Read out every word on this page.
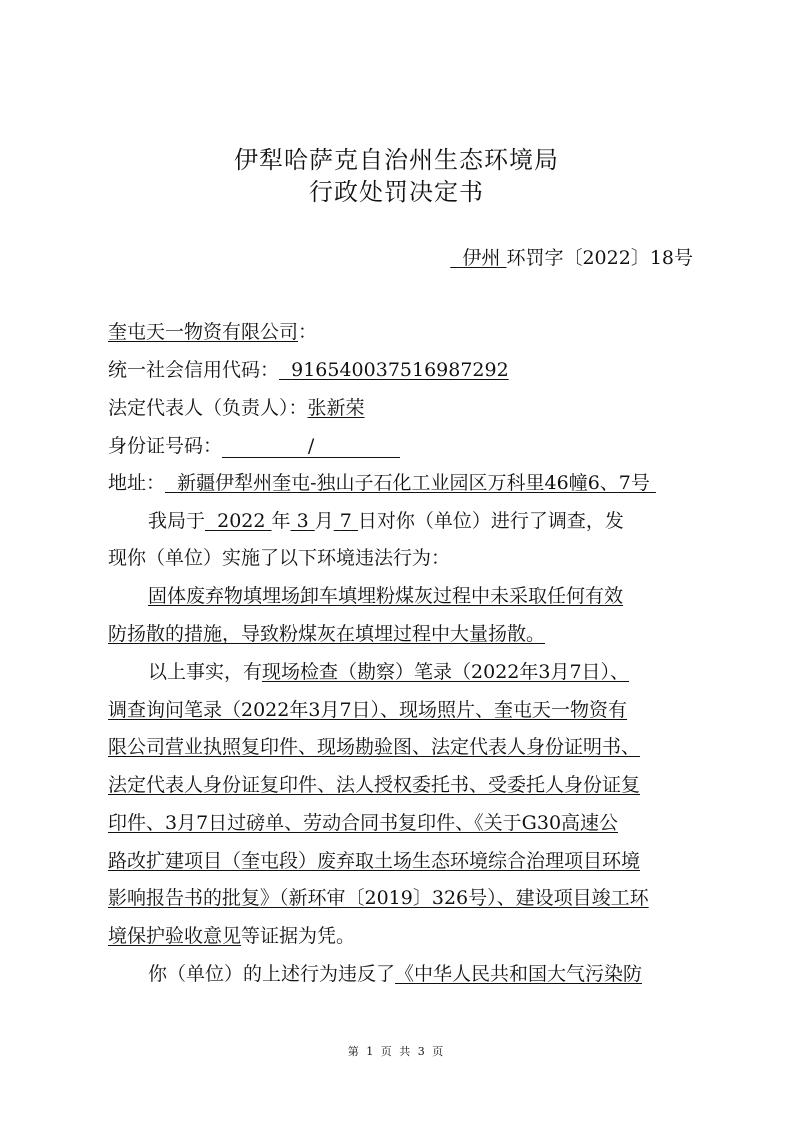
伊犁哈萨克自治州生态环境局
行政处罚决定书
伊州 环罚字〔2022〕18号
奎屯天一物资有限公司：
统一社会信用代码： 916540037516987292
法定代表人（负责人）：张新荣
身份证号码：	/
地址： 新疆伊犁州奎屯-独山子石化工业园区万科里46幢6、7号
我局于 2022 年 3 月 7 日对你（单位）进行了调查，发
现你（单位）实施了以下环境违法行为：
固体废弃物填埋场卸车填埋粉煤灰过程中未采取任何有效
防扬散的措施，导致粉煤灰在填埋过程中大量扬散。
以上事实，有现场检查（勘察）笔录（2022年3月7日）、
调查询问笔录（2022年3月7日）、现场照片、奎屯天一物资有
限公司营业执照复印件、现场勘验图、法定代表人身份证明书、
法定代表人身份证复印件、法人授权委托书、受委托人身份证复
印件、3月7日过磅单、劳动合同书复印件、《关于G30高速公
路改扩建项目（奎屯段）废弃取土场生态环境综合治理项目环境
影响报告书的批复》（新环审〔2019〕326号）、建设项目竣工环
境保护验收意见等证据为凭。
你（单位）的上述行为违反了《中华人民共和国大气污染防
第 1 页 共 3 页
